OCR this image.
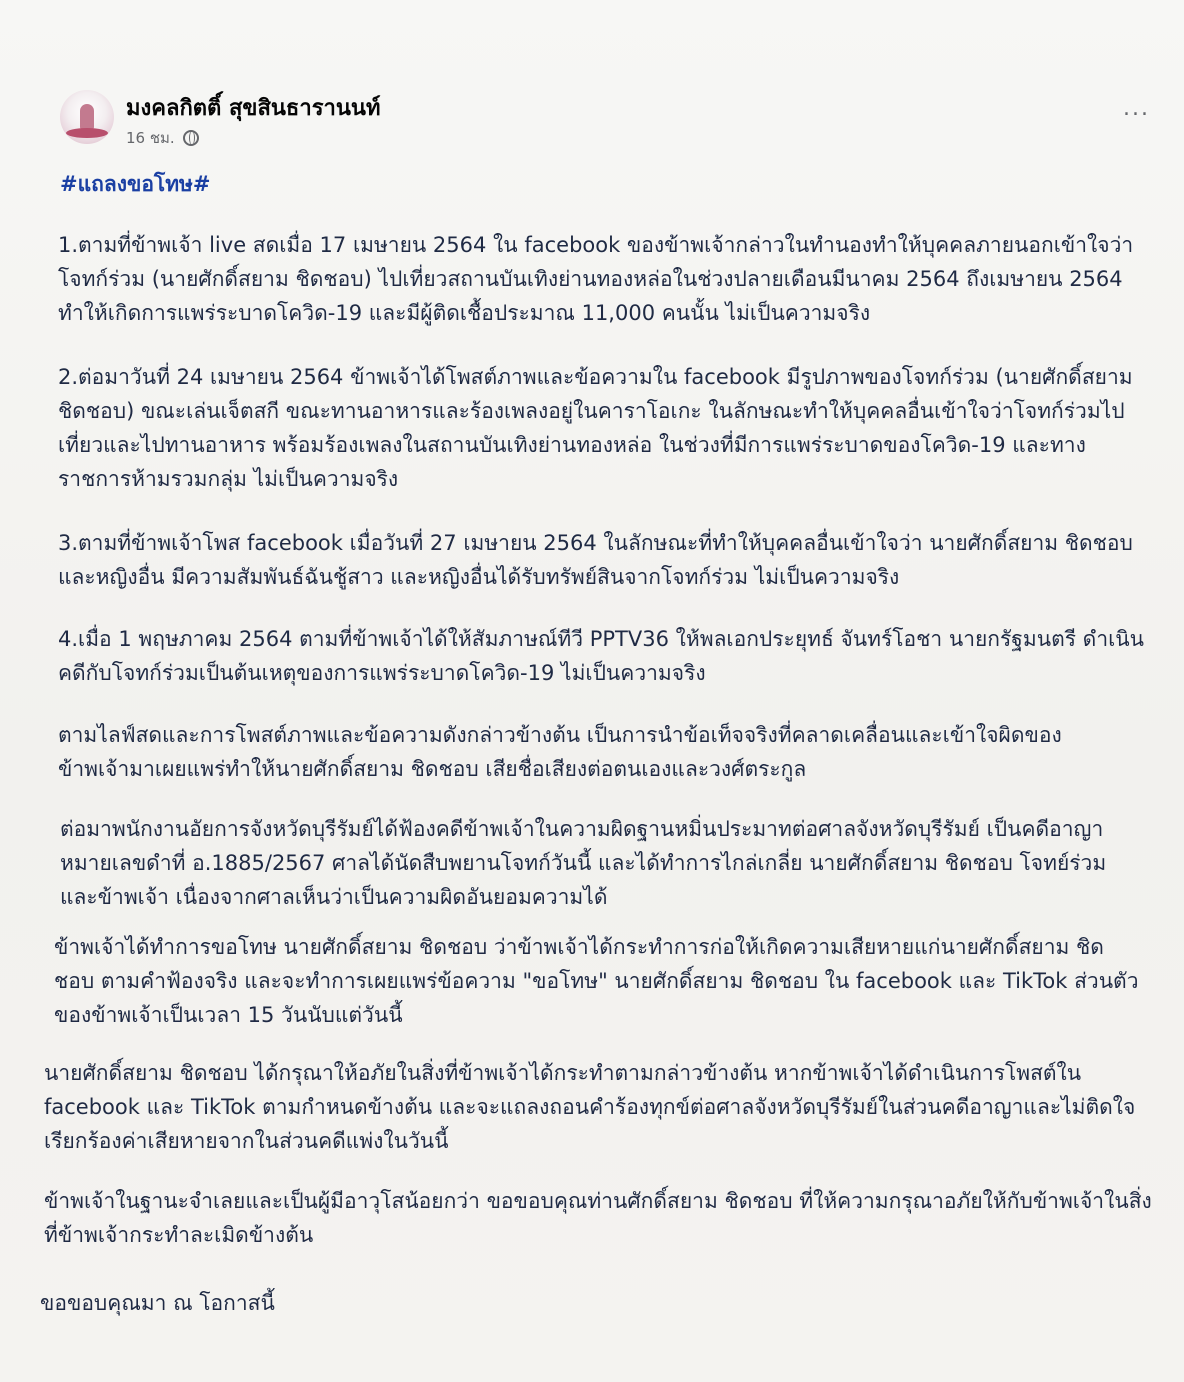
มงคลกิตติ์ สุขสินธารานนท์
16 ชม.
...
#แถลงขอโทษ#
1.ตามที่ข้าพเจ้า live สดเมื่อ 17 เมษายน 2564 ใน facebook ของข้าพเจ้ากล่าวในทำนองทำให้บุคคลภายนอกเข้าใจว่าโจทก์ร่วม (นายศักดิ์สยาม ชิดชอบ) ไปเที่ยวสถานบันเทิงย่านทองหล่อในช่วงปลายเดือนมีนาคม 2564 ถึงเมษายน 2564 ทำให้เกิดการแพร่ระบาดโควิด-19 และมีผู้ติดเชื้อประมาณ 11,000 คนนั้น ไม่เป็นความจริง
2.ต่อมาวันที่ 24 เมษายน 2564 ข้าพเจ้าได้โพสต์ภาพและข้อความใน facebook มีรูปภาพของโจทก์ร่วม (นายศักดิ์สยาม ชิดชอบ) ขณะเล่นเจ็ตสกี ขณะทานอาหารและร้องเพลงอยู่ในคาราโอเกะ ในลักษณะทำให้บุคคลอื่นเข้าใจว่าโจทก์ร่วมไปเที่ยวและไปทานอาหาร พร้อมร้องเพลงในสถานบันเทิงย่านทองหล่อ ในช่วงที่มีการแพร่ระบาดของโควิด-19 และทางราชการห้ามรวมกลุ่ม ไม่เป็นความจริง
3.ตามที่ข้าพเจ้าโพส facebook เมื่อวันที่ 27 เมษายน 2564 ในลักษณะที่ทำให้บุคคลอื่นเข้าใจว่า นายศักดิ์สยาม ชิดชอบ และหญิงอื่น มีความสัมพันธ์ฉันชู้สาว และหญิงอื่นได้รับทรัพย์สินจากโจทก์ร่วม ไม่เป็นความจริง
4.เมื่อ 1 พฤษภาคม 2564 ตามที่ข้าพเจ้าได้ให้สัมภาษณ์ทีวี PPTV36 ให้พลเอกประยุทธ์ จันทร์โอชา นายกรัฐมนตรี ดำเนินคดีกับโจทก์ร่วมเป็นต้นเหตุของการแพร่ระบาดโควิด-19 ไม่เป็นความจริง
ตามไลฟ์สดและการโพสต์ภาพและข้อความดังกล่าวข้างต้น เป็นการนำข้อเท็จจริงที่คลาดเคลื่อนและเข้าใจผิดของข้าพเจ้ามาเผยแพร่ทำให้นายศักดิ์สยาม ชิดชอบ เสียชื่อเสียงต่อตนเองและวงศ์ตระกูล
ต่อมาพนักงานอัยการจังหวัดบุรีรัมย์ได้ฟ้องคดีข้าพเจ้าในความผิดฐานหมิ่นประมาทต่อศาลจังหวัดบุรีรัมย์ เป็นคดีอาญาหมายเลขดำที่ อ.1885/2567 ศาลได้นัดสืบพยานโจทก์วันนี้ และได้ทำการไกล่เกลี่ย นายศักดิ์สยาม ชิดชอบ โจทย์ร่วม และข้าพเจ้า เนื่องจากศาลเห็นว่าเป็นความผิดอันยอมความได้
ข้าพเจ้าได้ทำการขอโทษ นายศักดิ์สยาม ชิดชอบ ว่าข้าพเจ้าได้กระทำการก่อให้เกิดความเสียหายแก่นายศักดิ์สยาม ชิดชอบ ตามคำฟ้องจริง และจะทำการเผยแพร่ข้อความ "ขอโทษ" นายศักดิ์สยาม ชิดชอบ ใน facebook และ TikTok ส่วนตัวของข้าพเจ้าเป็นเวลา 15 วันนับแต่วันนี้
นายศักดิ์สยาม ชิดชอบ ได้กรุณาให้อภัยในสิ่งที่ข้าพเจ้าได้กระทำตามกล่าวข้างต้น หากข้าพเจ้าได้ดำเนินการโพสต์ใน facebook และ TikTok ตามกำหนดข้างต้น และจะแถลงถอนคำร้องทุกข์ต่อศาลจังหวัดบุรีรัมย์ในส่วนคดีอาญาและไม่ติดใจเรียกร้องค่าเสียหายจากในส่วนคดีแพ่งในวันนี้
ข้าพเจ้าในฐานะจำเลยและเป็นผู้มีอาวุโสน้อยกว่า ขอขอบคุณท่านศักดิ์สยาม ชิดชอบ ที่ให้ความกรุณาอภัยให้กับข้าพเจ้าในสิ่งที่ข้าพเจ้ากระทำละเมิดข้างต้น
ขอขอบคุณมา ณ โอกาสนี้
